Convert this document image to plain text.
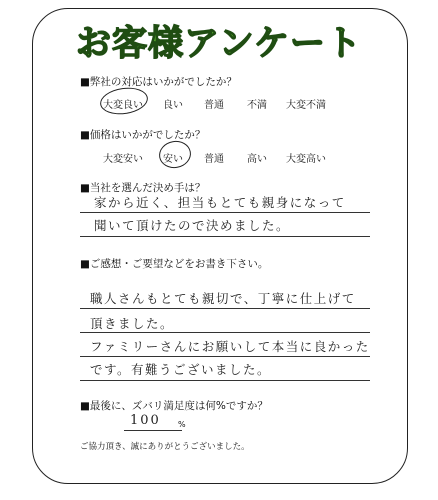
お客様アンケート
■弊社の対応はいかがでしたか？
大変良い 良い 普通 不満 大変不満
■価格はいかがでしたか？
大変安い 安い 普通 高い 大変高い
■当社を選んだ決め手は？
家から近く、担当もとても親身になって
聞いて頂けたので決めました。
■ご感想・ご要望などをお書き下さい。
職人さんもとても親切で、丁寧に仕上げて
頂きました。
ファミリーさんにお願いして本当に良かった
です。有難うございました。
■最後に、ズバリ満足度は何%ですか？
100 %
ご協力頂き、誠にありがとうございました。
